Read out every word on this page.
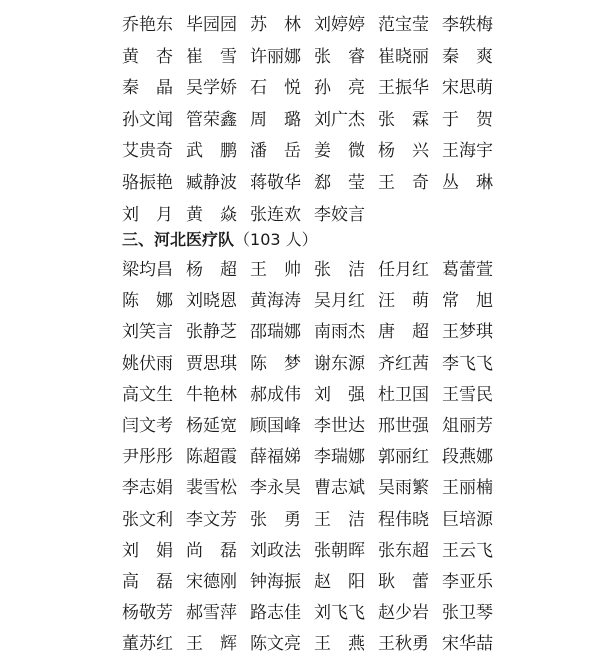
乔艳东 毕园园 苏　林 刘婷婷 范宝莹 李轶梅
黄　杏 崔　雪 许丽娜 张　睿 崔晓丽 秦　爽
秦　晶 吴学娇 石　悦 孙　亮 王振华 宋思萌
孙文闻 管荣鑫 周　璐 刘广杰 张　霖 于　贺
艾贵奇 武　鹏 潘　岳 姜　微 杨　兴 王海宇
骆振艳 臧静波 蒋敬华 郄　莹 王　奇 丛　琳
刘　月 黄　焱 张连欢 李姣言
三、河北医疗队（103 人）
梁均昌 杨　超 王　帅 张　洁 任月红 葛蕾萱
陈　娜 刘晓恩 黄海涛 吴月红 汪　萌 常　旭
刘笑言 张静芝 邵瑞娜 南雨杰 唐　超 王梦琪
姚伏雨 贾思琪 陈　梦 谢东源 齐红茜 李飞飞
高文生 牛艳林 郝成伟 刘　强 杜卫国 王雪民
闫文考 杨延宽 顾国峰 李世达 邢世强 俎丽芳
尹彤彤 陈超霞 薛福娣 李瑞娜 郭丽红 段燕娜
李志娟 裴雪松 李永昊 曹志斌 吴雨繁 王丽楠
张文利 李文芳 张　勇 王　洁 程伟晓 巨培源
刘　娟 尚　磊 刘政法 张朝晖 张东超 王云飞
高　磊 宋德刚 钟海振 赵　阳 耿　蕾 李亚乐
杨敬芳 郝雪萍 路志佳 刘飞飞 赵少岩 张卫琴
董苏红 王　辉 陈文亮 王　燕 王秋勇 宋华喆
